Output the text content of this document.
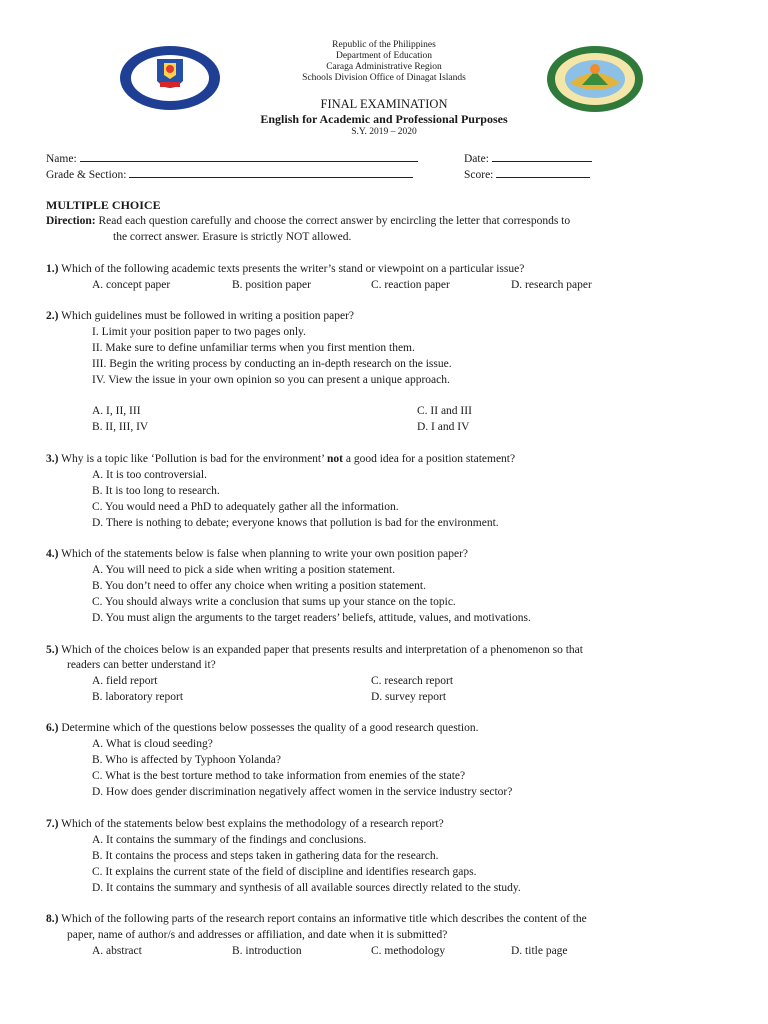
Republic of the Philippines
Department of Education
Caraga Administrative Region
Schools Division Office of Dinagat Islands
FINAL EXAMINATION
English for Academic and Professional Purposes
S.Y. 2019 – 2020
Name:	Date:
Grade & Section:	Score:
MULTIPLE CHOICE
Direction: Read each question carefully and choose the correct answer by encircling the letter that corresponds to
the correct answer. Erasure is strictly NOT allowed.
1.) Which of the following academic texts presents the writer’s stand or viewpoint on a particular issue?
A. concept paper	B. position paper	C. reaction paper	D. research paper
2.) Which guidelines must be followed in writing a position paper?
I. Limit your position paper to two pages only.
II. Make sure to define unfamiliar terms when you first mention them.
III. Begin the writing process by conducting an in-depth research on the issue.
IV. View the issue in your own opinion so you can present a unique approach.
A. I, II, III	C. II and III
B. II, III, IV	D. I and IV
3.) Why is a topic like ‘Pollution is bad for the environment’ not a good idea for a position statement?
A. It is too controversial.
B. It is too long to research.
C. You would need a PhD to adequately gather all the information.
D. There is nothing to debate; everyone knows that pollution is bad for the environment.
4.) Which of the statements below is false when planning to write your own position paper?
A. You will need to pick a side when writing a position statement.
B. You don’t need to offer any choice when writing a position statement.
C. You should always write a conclusion that sums up your stance on the topic.
D. You must align the arguments to the target readers’ beliefs, attitude, values, and motivations.
5.) Which of the choices below is an expanded paper that presents results and interpretation of a phenomenon so that
readers can better understand it?
A. field report	C. research report
B. laboratory report	D. survey report
6.) Determine which of the questions below possesses the quality of a good research question.
A. What is cloud seeding?
B. Who is affected by Typhoon Yolanda?
C. What is the best torture method to take information from enemies of the state?
D. How does gender discrimination negatively affect women in the service industry sector?
7.) Which of the statements below best explains the methodology of a research report?
A. It contains the summary of the findings and conclusions.
B. It contains the process and steps taken in gathering data for the research.
C. It explains the current state of the field of discipline and identifies research gaps.
D. It contains the summary and synthesis of all available sources directly related to the study.
8.) Which of the following parts of the research report contains an informative title which describes the content of the
paper, name of author/s and addresses or affiliation, and date when it is submitted?
A. abstract	B. introduction	C. methodology	D. title page
